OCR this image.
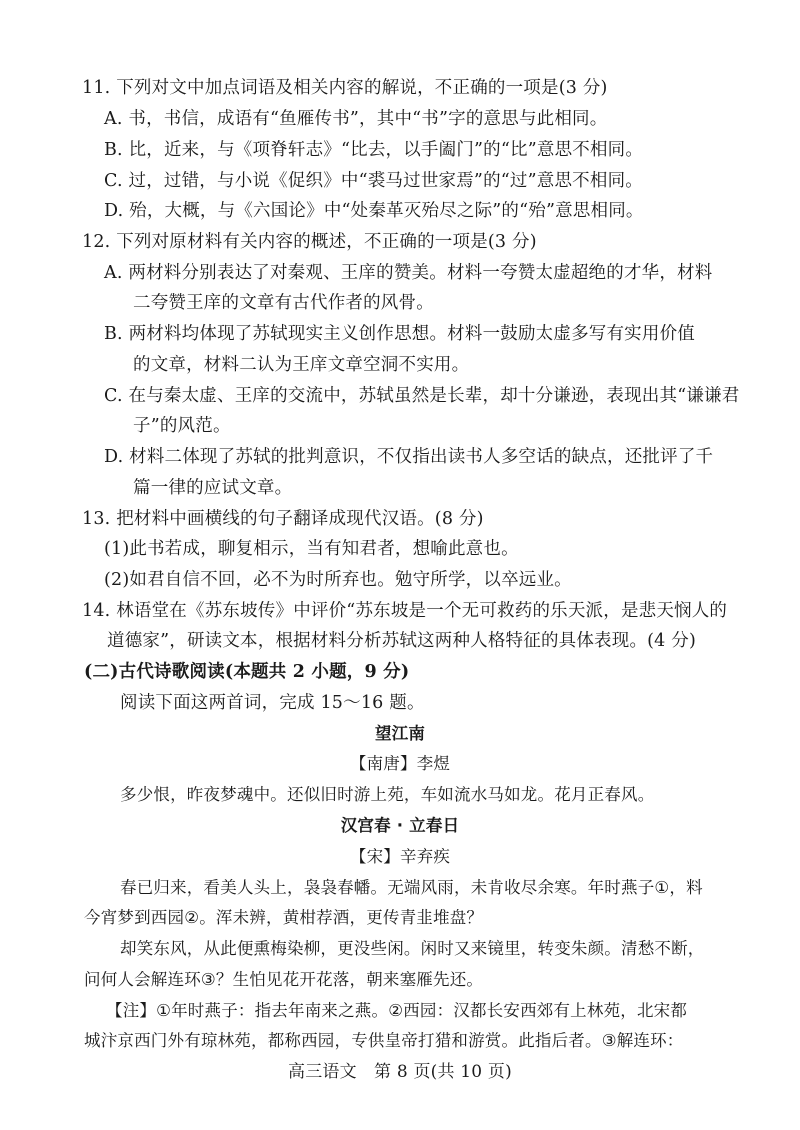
11. 下列对文中加点词语及相关内容的解说，不正确的一项是(3 分)
A. 书，书信，成语有“鱼雁传书”，其中“书”字的意思与此相同。
B. 比，近来，与《项脊轩志》“比去，以手阖门”的“比”意思不相同。
C. 过，过错，与小说《促织》中“裘马过世家焉”的“过”意思不相同。
D. 殆，大概，与《六国论》中“处秦革灭殆尽之际”的“殆”意思相同。
12. 下列对原材料有关内容的概述，不正确的一项是(3 分)
A. 两材料分别表达了对秦观、王庠的赞美。材料一夸赞太虚超绝的才华，材料
二夸赞王庠的文章有古代作者的风骨。
B. 两材料均体现了苏轼现实主义创作思想。材料一鼓励太虚多写有实用价值
的文章，材料二认为王庠文章空洞不实用。
C. 在与秦太虚、王庠的交流中，苏轼虽然是长辈，却十分谦逊，表现出其“谦谦君
子”的风范。
D. 材料二体现了苏轼的批判意识，不仅指出读书人多空话的缺点，还批评了千
篇一律的应试文章。
13. 把材料中画横线的句子翻译成现代汉语。(8 分)
(1)此书若成，聊复相示，当有知君者，想喻此意也。
(2)如君自信不回，必不为时所弃也。勉守所学，以卒远业。
14. 林语堂在《苏东坡传》中评价“苏东坡是一个无可救药的乐天派，是悲天悯人的
道德家”，研读文本，根据材料分析苏轼这两种人格特征的具体表现。(4 分)
(二)古代诗歌阅读(本题共 2 小题，9 分)
阅读下面这两首词，完成 15～16 题。
望江南
【南唐】李煜
多少恨，昨夜梦魂中。还似旧时游上苑，车如流水马如龙。花月正春风。
汉宫春 · 立春日
【宋】辛弃疾
春已归来，看美人头上，袅袅春幡。无端风雨，未肯收尽余寒。年时燕子①，料
今宵梦到西园②。浑未辨，黄柑荐酒，更传青韭堆盘？
却笑东风，从此便熏梅染柳，更没些闲。闲时又来镜里，转变朱颜。清愁不断，
问何人会解连环③？生怕见花开花落，朝来塞雁先还。
【注】①年时燕子：指去年南来之燕。②西园：汉都长安西郊有上林苑，北宋都
城汴京西门外有琼林苑，都称西园，专供皇帝打猎和游赏。此指后者。③解连环：
高三语文　第 8 页(共 10 页)
